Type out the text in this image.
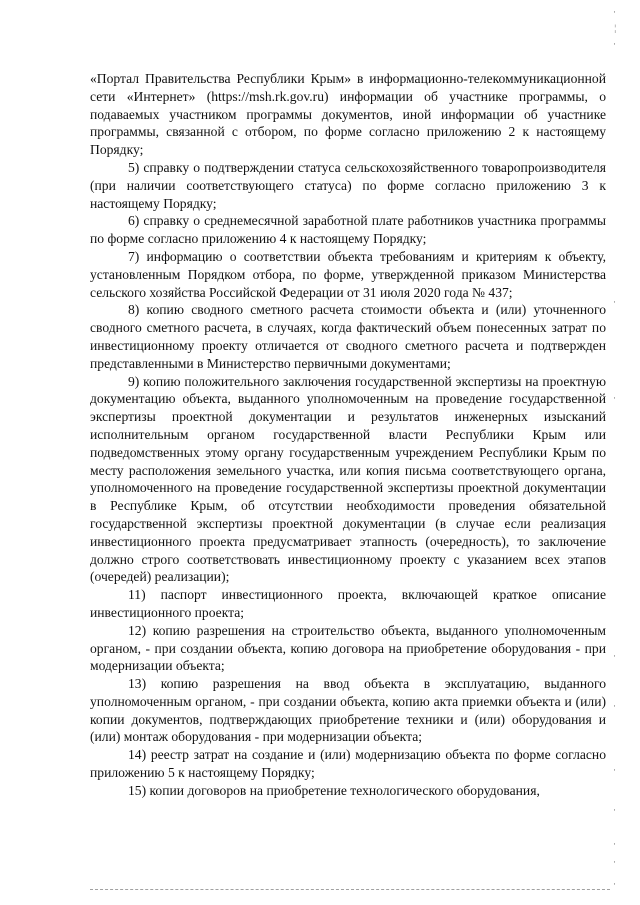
«Портал Правительства Республики Крым» в информационно-телекоммуникационной сети «Интернет» (https://msh.rk.gov.ru) информации об участнике программы, о подаваемых участником программы документов, иной информации об участнике программы, связанной с отбором, по форме согласно приложению 2 к настоящему Порядку;

5) справку о подтверждении статуса сельскохозяйственного товаропроизводителя (при наличии соответствующего статуса) по форме согласно приложению 3 к настоящему Порядку;

6) справку о среднемесячной заработной плате работников участника программы по форме согласно приложению 4 к настоящему Порядку;

7) информацию о соответствии объекта требованиям и критериям к объекту, установленным Порядком отбора, по форме, утвержденной приказом Министерства сельского хозяйства Российской Федерации от 31 июля 2020 года № 437;

8) копию сводного сметного расчета стоимости объекта и (или) уточненного сводного сметного расчета, в случаях, когда фактический объем понесенных затрат по инвестиционному проекту отличается от сводного сметного расчета и подтвержден представленными в Министерство первичными документами;

9) копию положительного заключения государственной экспертизы на проектную документацию объекта, выданного уполномоченным на проведение государственной экспертизы проектной документации и результатов инженерных изысканий исполнительным органом государственной власти Республики Крым или подведомственных этому органу государственным учреждением Республики Крым по месту расположения земельного участка, или копия письма соответствующего органа, уполномоченного на проведение государственной экспертизы проектной документации в Республике Крым, об отсутствии необходимости проведения обязательной государственной экспертизы проектной документации (в случае если реализация инвестиционного проекта предусматривает этапность (очередность), то заключение должно строго соответствовать инвестиционному проекту с указанием всех этапов (очередей) реализации);

11) паспорт инвестиционного проекта, включающей краткое описание инвестиционного проекта;

12) копию разрешения на строительство объекта, выданного уполномоченным органом, - при создании объекта, копию договора на приобретение оборудования - при модернизации объекта;

13) копию разрешения на ввод объекта в эксплуатацию, выданного уполномоченным органом, - при создании объекта, копию акта приемки объекта и (или) копии документов, подтверждающих приобретение техники и (или) оборудования и (или) монтаж оборудования - при модернизации объекта;

14) реестр затрат на создание и (или) модернизацию объекта по форме согласно приложению 5 к настоящему Порядку;

15) копии договоров на приобретение технологического оборудования,

·
¦
·
·
·
·
·
·
·
·
·
·
